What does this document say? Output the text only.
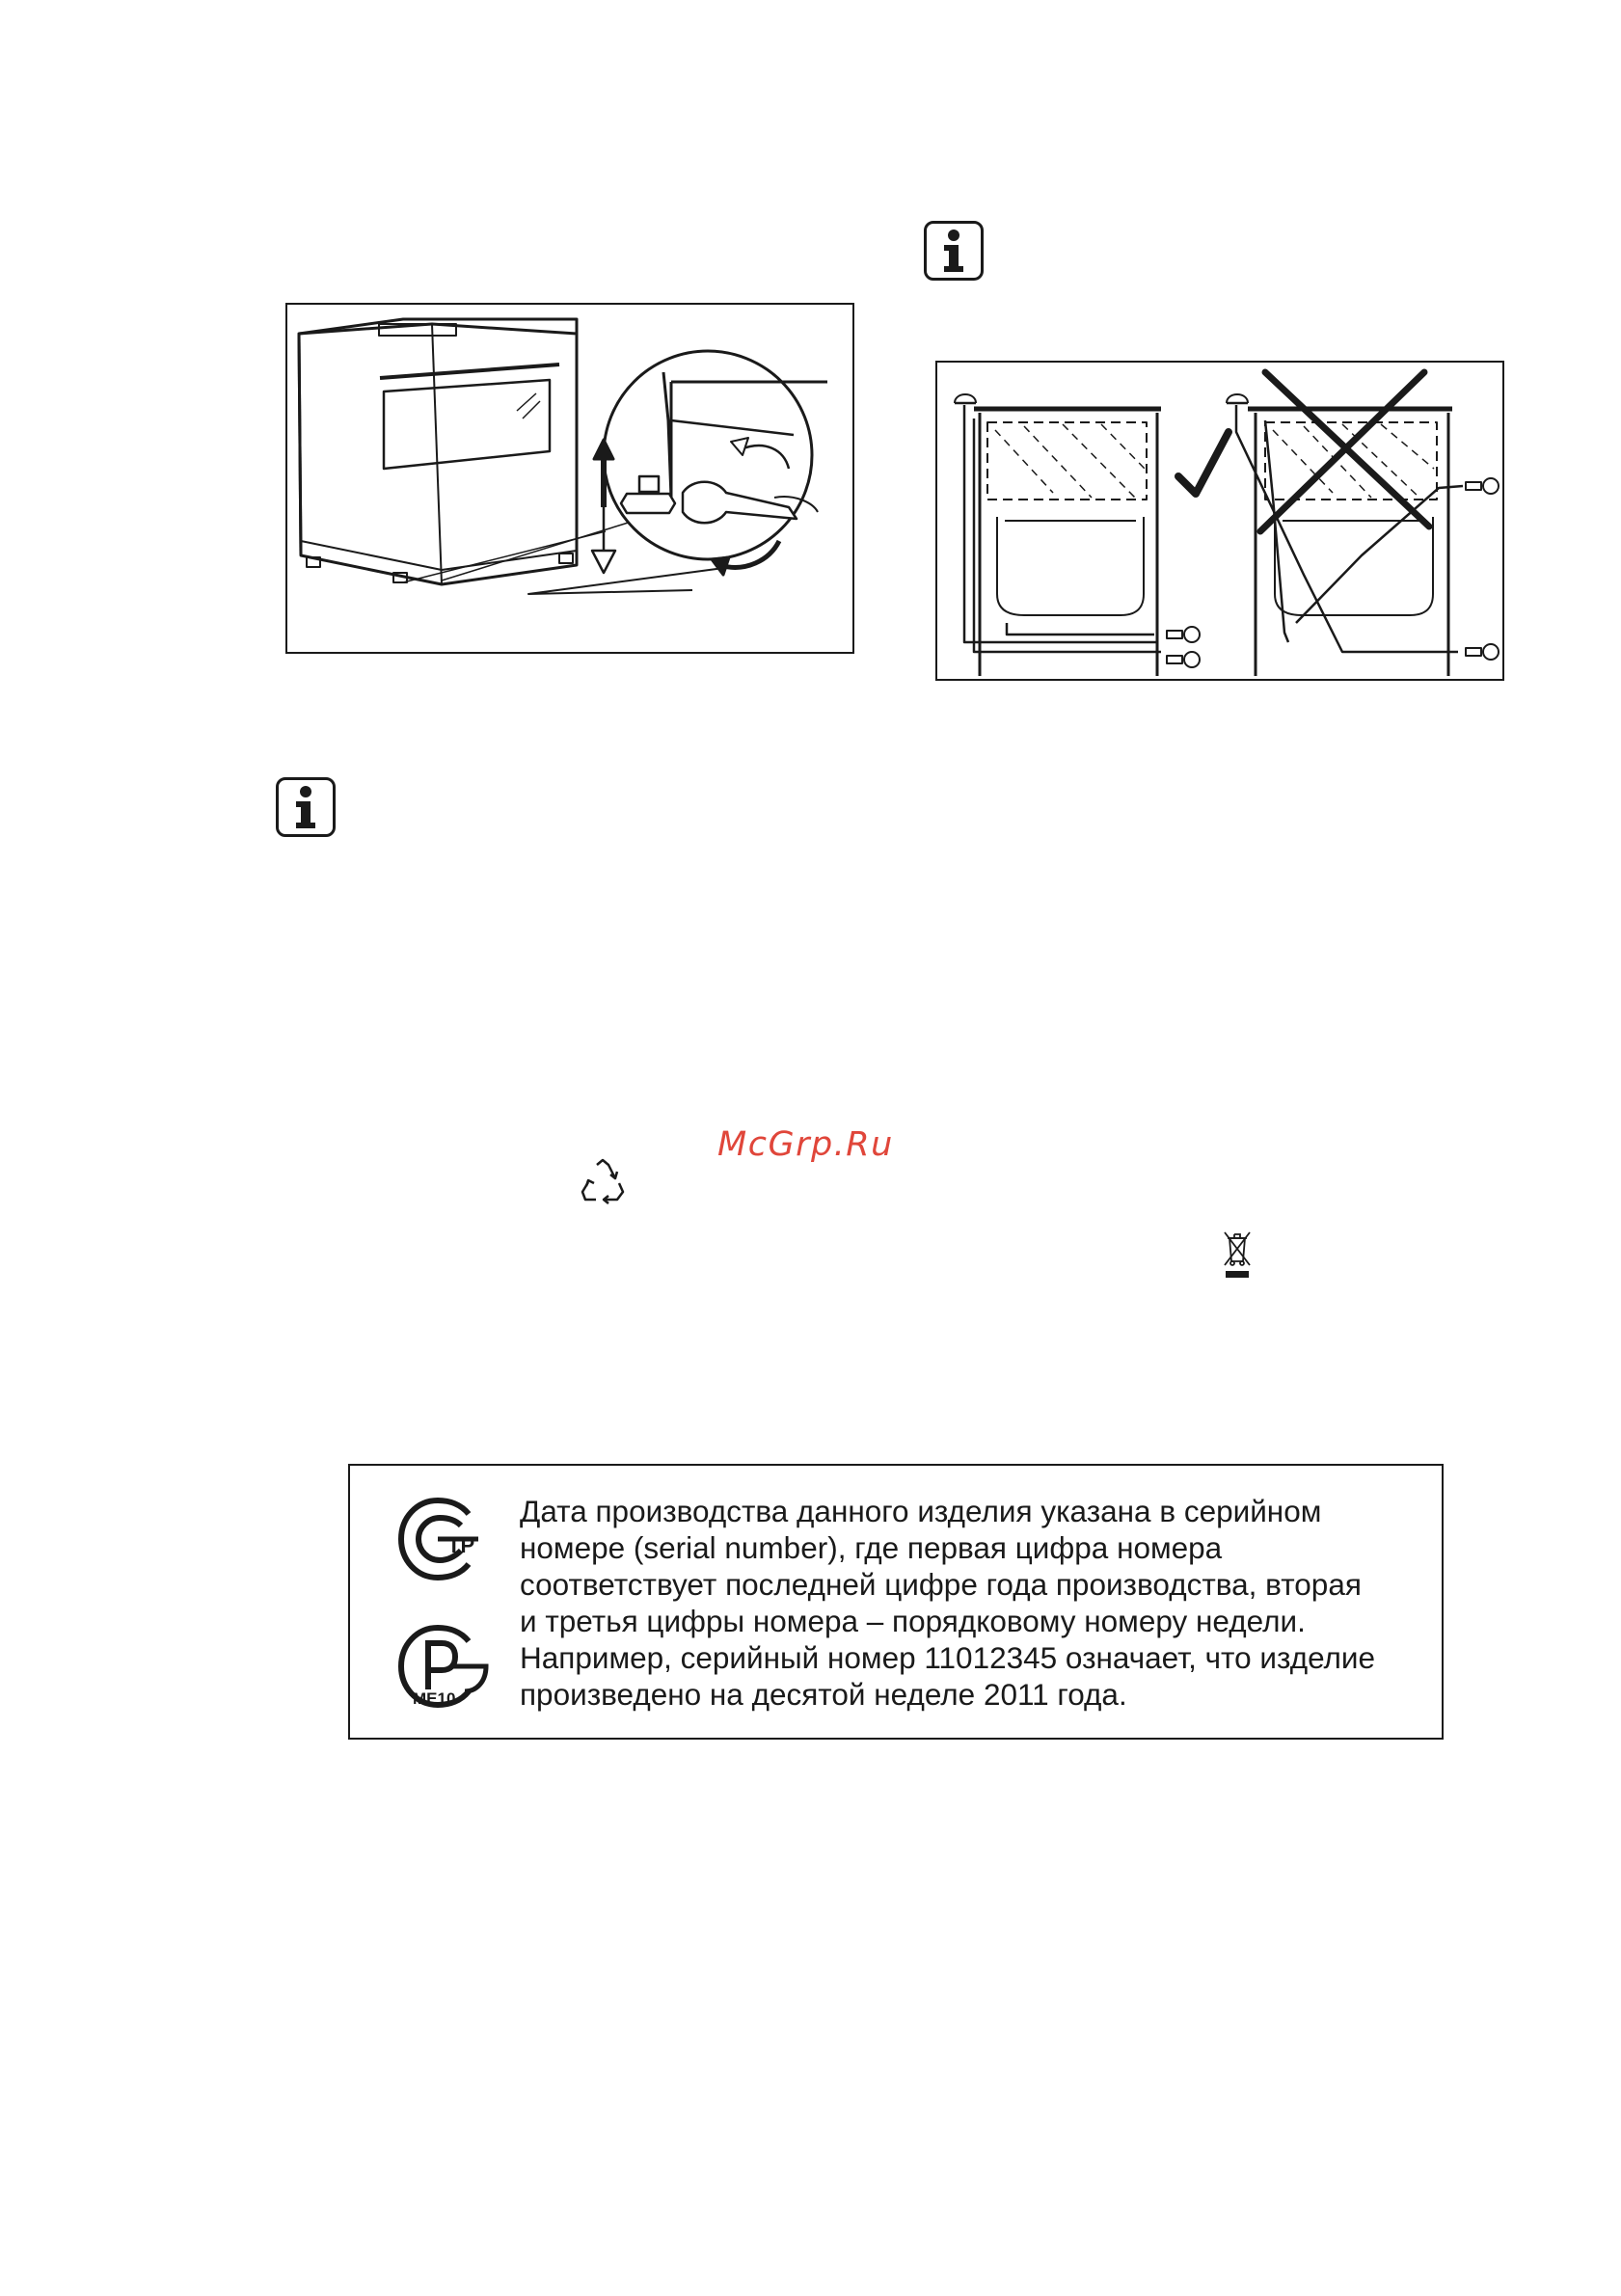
McGrp.Ru
ТР
МЕ10
Дата производства данного изделия указана в серийном
номере (serial number), где первая цифра номера
соответствует последней цифре года производства, вторая
и третья цифры номера – порядковому номеру недели.
Например, серийный номер 11012345 означает, что изделие
произведено на десятой неделе 2011 года.
